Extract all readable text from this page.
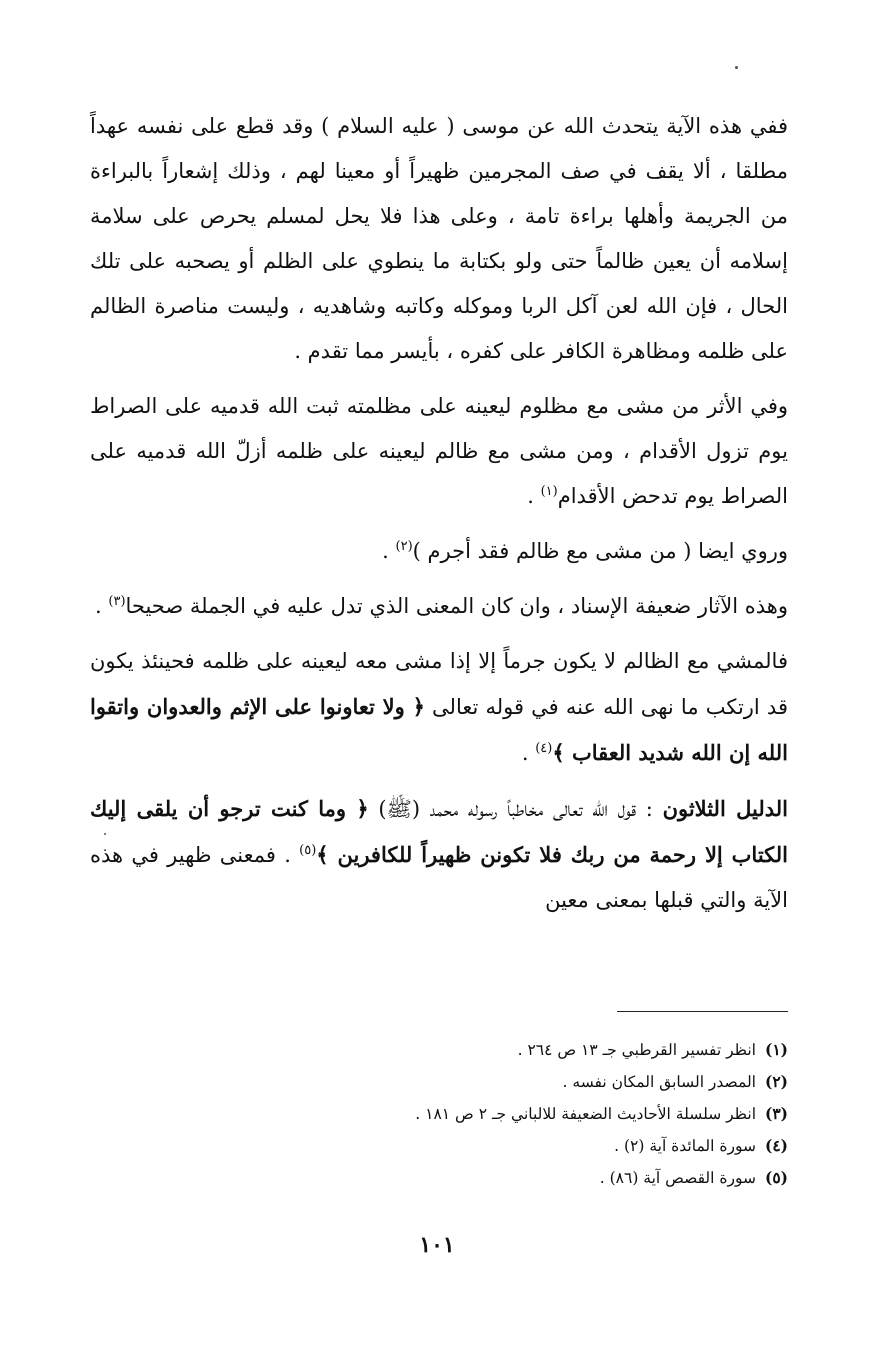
ففي هذه الآية يتحدث الله عن موسى ( عليه السلام ) وقد قطع على نفسه عهداً مطلقا ، ألا يقف في صف المجرمين ظهيراً أو معينا لهم ، وذلك إشعاراً بالبراءة من الجريمة وأهلها براءة تامة ، وعلى هذا فلا يحل لمسلم يحرص على سلامة إسلامه أن يعين ظالماً حتى ولو بكتابة ما ينطوي على الظلم أو يصحبه على تلك الحال ، فإن الله لعن آكل الربا وموكله وكاتبه وشاهديه ، وليست مناصرة الظالم على ظلمه ومظاهرة الكافر على كفره ، بأيسر مما تقدم .

وفي الأثر من مشى مع مظلوم ليعينه على مظلمته ثبت الله قدميه على الصراط يوم تزول الأقدام ، ومن مشى مع ظالم ليعينه على ظلمه أزلّ الله قدميه على الصراط يوم تدحض الأقدام$^{(١)}$ .

وروي ايضا ( من مشى مع ظالم فقد أجرم )$^{(٢)}$ .

وهذه الآثار ضعيفة الإسناد ، وان كان المعنى الذي تدل عليه في الجملة صحيحا$^{(٣)}$ .

فالمشي مع الظالم لا يكون جرماً إلا إذا مشى معه ليعينه على ظلمه فحينئذ يكون قد ارتكب ما نهى الله عنه في قوله تعالى ﴿ ولا تعاونوا على الإثم والعدوان واتقوا الله إن الله شديد العقاب ﴾$^{(٤)}$ .

الدليل الثلاثون : قول الله تعالى مخاطباً رسوله محمد (ﷺ) ﴿ وما كنت ترجو أن يلقى إليك الكتاب إلا رحمة من ربك فلا تكونن ظهيراً للكافرين ﴾$^{(٥)}$ . فمعنى ظهير في هذه الآية والتي قبلها بمعنى معين

(١)انظر تفسير القرطبي جـ ١٣ ص ٢٦٤ .
(٢)المصدر السابق المكان نفسه .
(٣)انظر سلسلة الأحاديث الضعيفة للالباني جـ ٢ ص ١٨١ .
(٤)سورة المائدة آية (٢) .
(٥)سورة القصص آية (٨٦) .
١٠١
